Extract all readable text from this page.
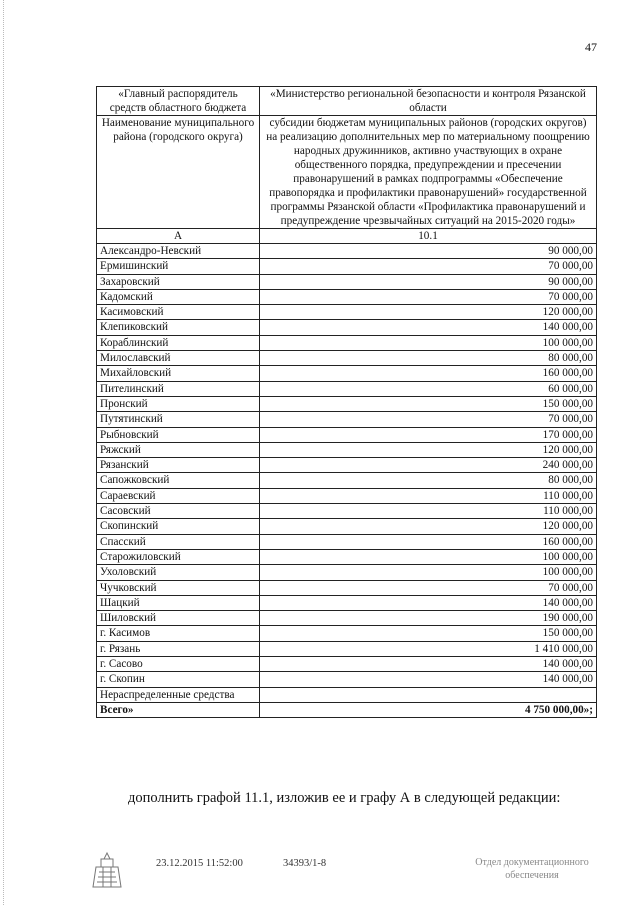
47
«Главный распорядитель средств областного бюджета	«Министерство региональной безопасности и контроля Рязанской области
Наименование муниципального района (городского округа)	субсидии бюджетам муниципальных районов (городских округов) на реализацию дополнительных мер по материальному поощрению народных дружинников, активно участвующих в охране общественного порядка, предупреждении и пресечении правонарушений в рамках подпрограммы «Обеспечение правопорядка и профилактики правонарушений» государственной программы Рязанской области «Профилактика правонарушений и предупреждение чрезвычайных ситуаций на 2015-2020 годы»
А	10.1
Александро-Невский	90 000,00
Ермишинский	70 000,00
Захаровский	90 000,00
Кадомский	70 000,00
Касимовский	120 000,00
Клепиковский	140 000,00
Кораблинский	100 000,00
Милославский	80 000,00
Михайловский	160 000,00
Пителинский	60 000,00
Пронский	150 000,00
Путятинский	70 000,00
Рыбновский	170 000,00
Ряжский	120 000,00
Рязанский	240 000,00
Сапожковский	80 000,00
Сараевский	110 000,00
Сасовский	110 000,00
Скопинский	120 000,00
Спасский	160 000,00
Старожиловский	100 000,00
Ухоловский	100 000,00
Чучковский	70 000,00
Шацкий	140 000,00
Шиловский	190 000,00
г. Касимов	150 000,00
г. Рязань	1 410 000,00
г. Сасово	140 000,00
г. Скопин	140 000,00
Нераспределенные средства	
Всего»	4 750 000,00»;
дополнить графой 11.1, изложив ее и графу А в следующей редакции:
23.12.2015 11:52:00	34393/1-8	Отдел документационного обеспечения
